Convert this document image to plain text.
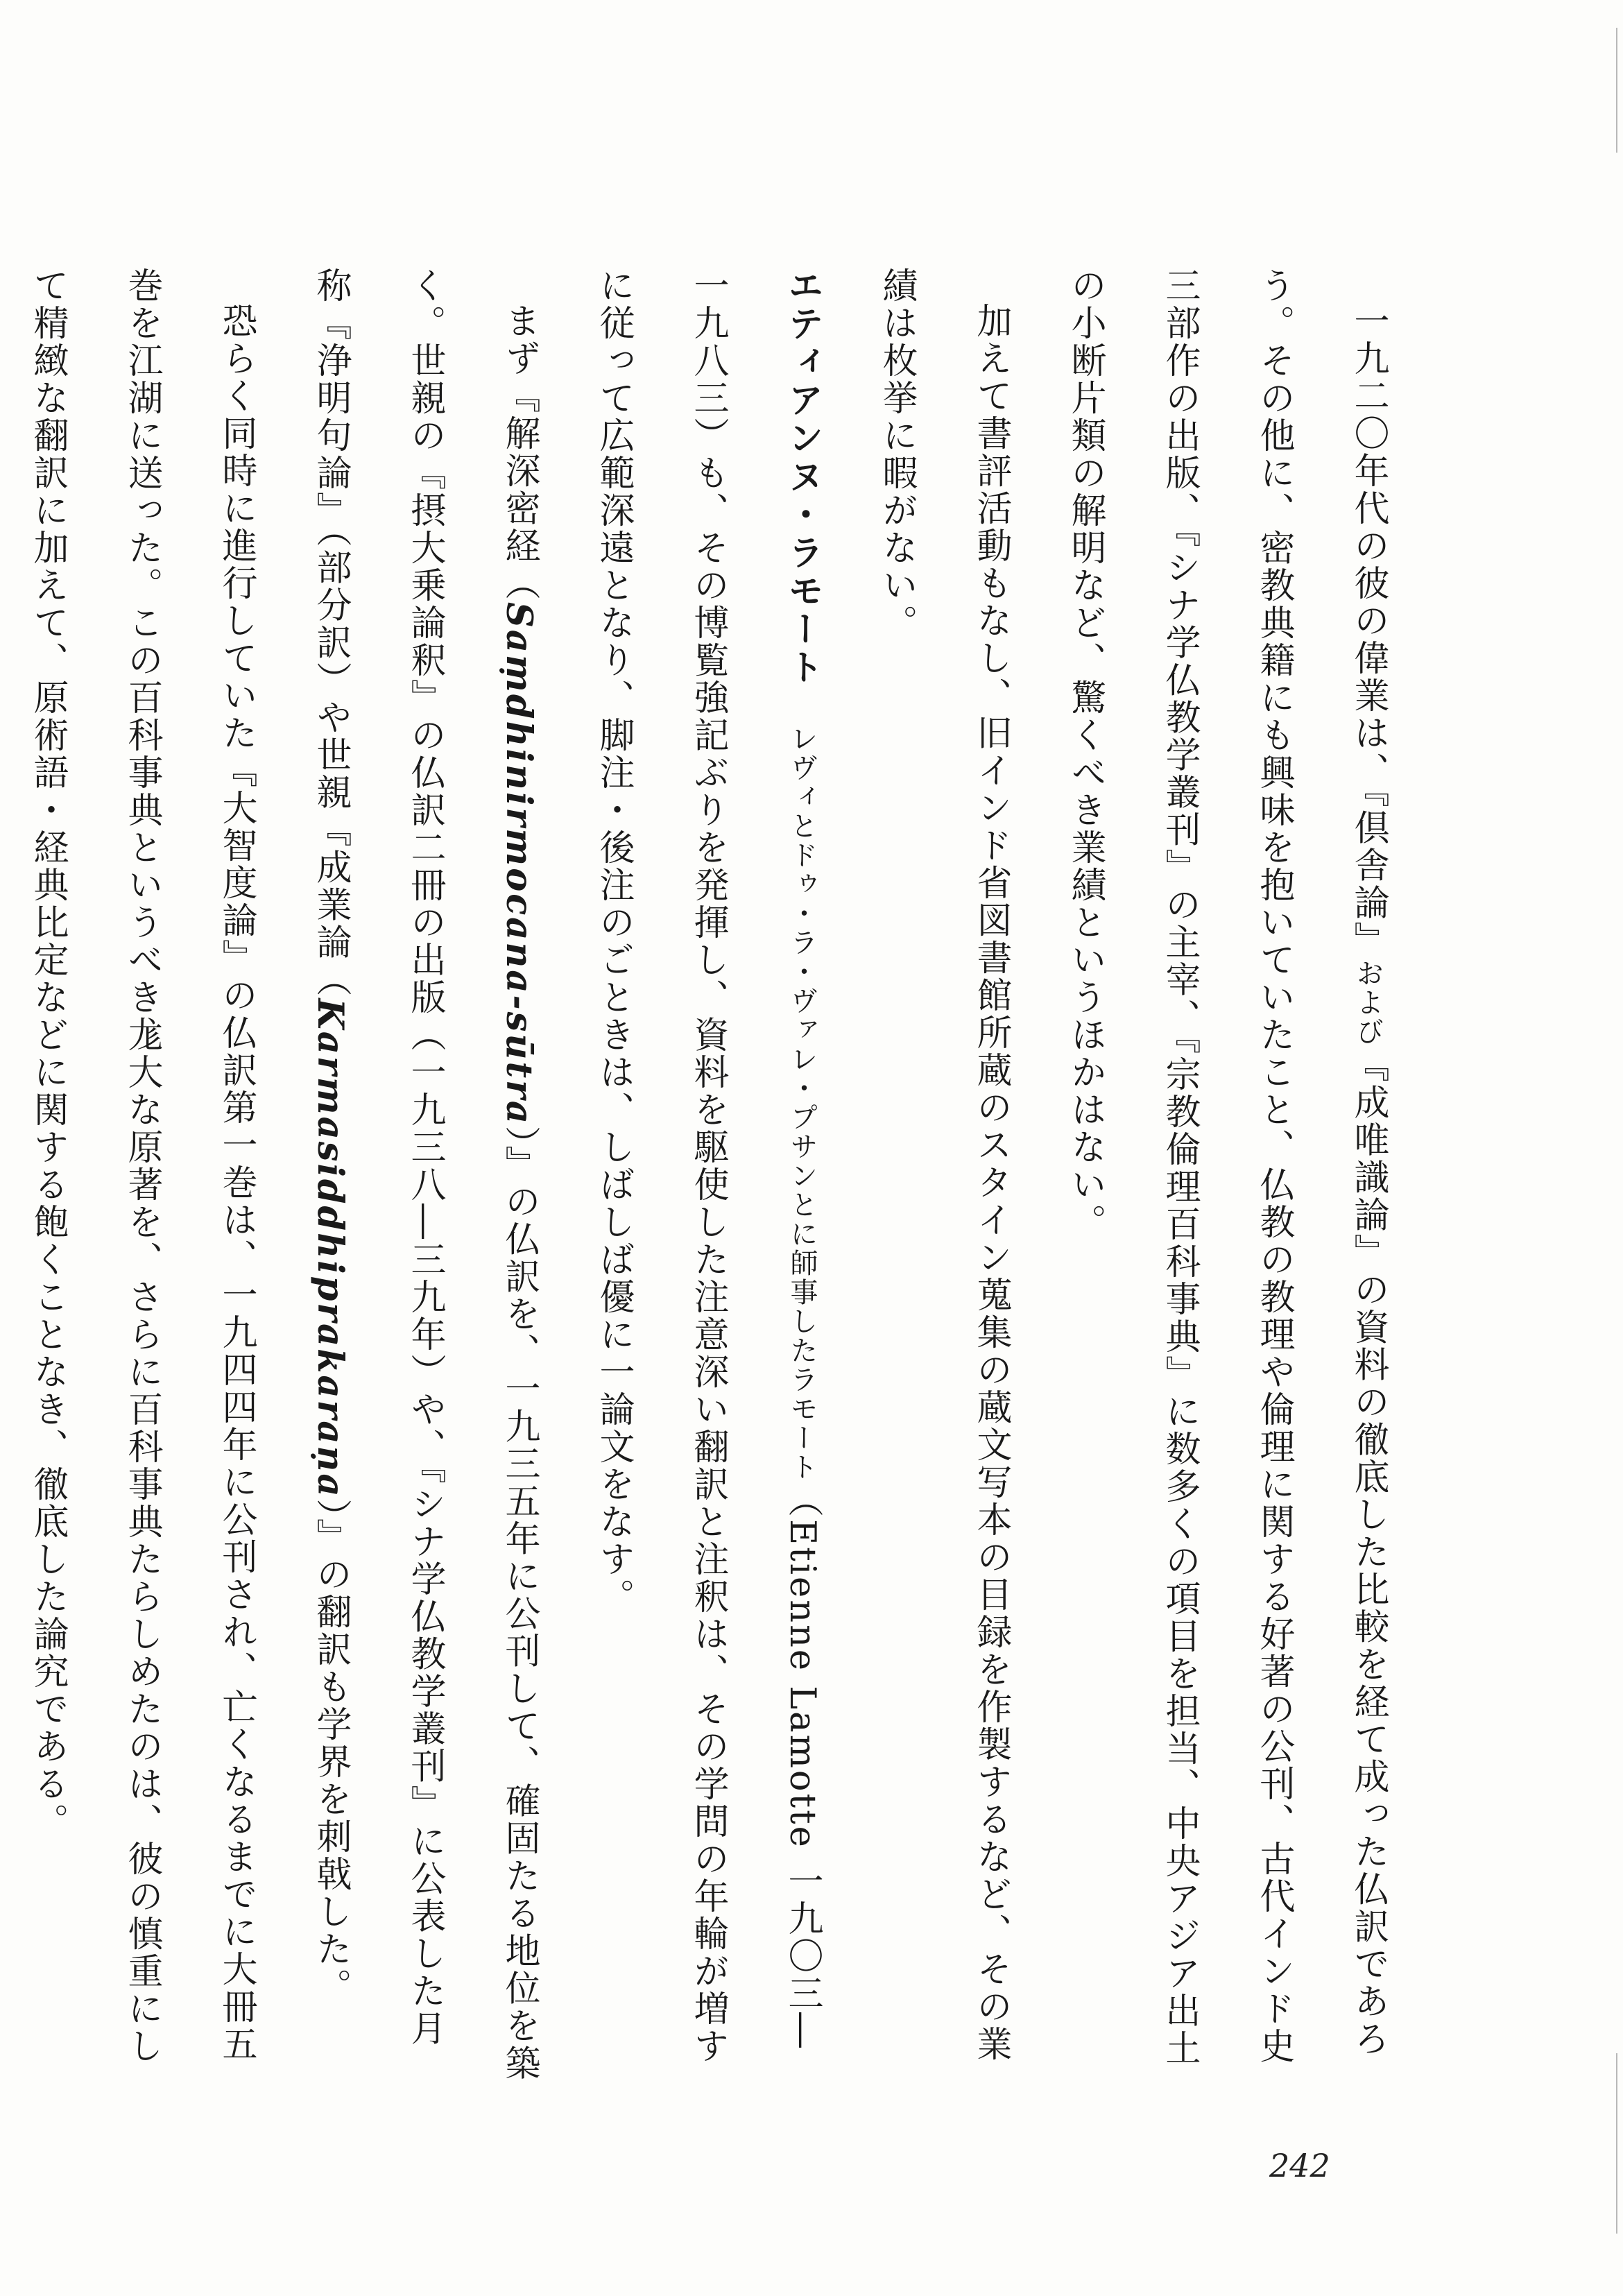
一九二〇年代の彼の偉業は、『倶舎論』および『成唯識論』の資料の徹底した比較を経て成った仏訳であろう。その他に、密教典籍にも興味を抱いていたこと、仏教の教理や倫理に関する好著の公刊、古代インド史三部作の出版、『シナ学仏教学叢刊』の主宰、『宗教倫理百科事典』に数多くの項目を担当、中央アジア出土の小断片類の解明など、驚くべき業績というほかはない。

加えて書評活動もなし、旧インド省図書館所蔵のスタイン蒐集の蔵文写本の目録を作製するなど、その業績は枚挙に暇がない。

エティアンヌ・ラモート　レヴィとドゥ・ラ・ヴァレ・プサンとに師事したラモート（Etienne Lamotte 一九〇三―一九八三）も、その博覧強記ぶりを発揮し、資料を駆使した注意深い翻訳と注釈は、その学問の年輪が増すに従って広範深遠となり、脚注・後注のごときは、しばしば優に一論文をなす。

まず『解深密経（Saṃdhinirmocana-sūtra）』の仏訳を、一九三五年に公刊して、確固たる地位を築く。世親の『摂大乗論釈』の仏訳二冊の出版（一九三八―三九年）や、『シナ学仏教学叢刊』に公表した月称『浄明句論』（部分訳）や世親『成業論（Karmasiddhiprakaraṇa）』の翻訳も学界を刺戟した。

恐らく同時に進行していた『大智度論』の仏訳第一巻は、一九四四年に公刊され、亡くなるまでに大冊五巻を江湖に送った。この百科事典というべき尨大な原著を、さらに百科事典たらしめたのは、彼の慎重にして精緻な翻訳に加えて、原術語・経典比定などに関する飽くことなき、徹底した論究である。

242
